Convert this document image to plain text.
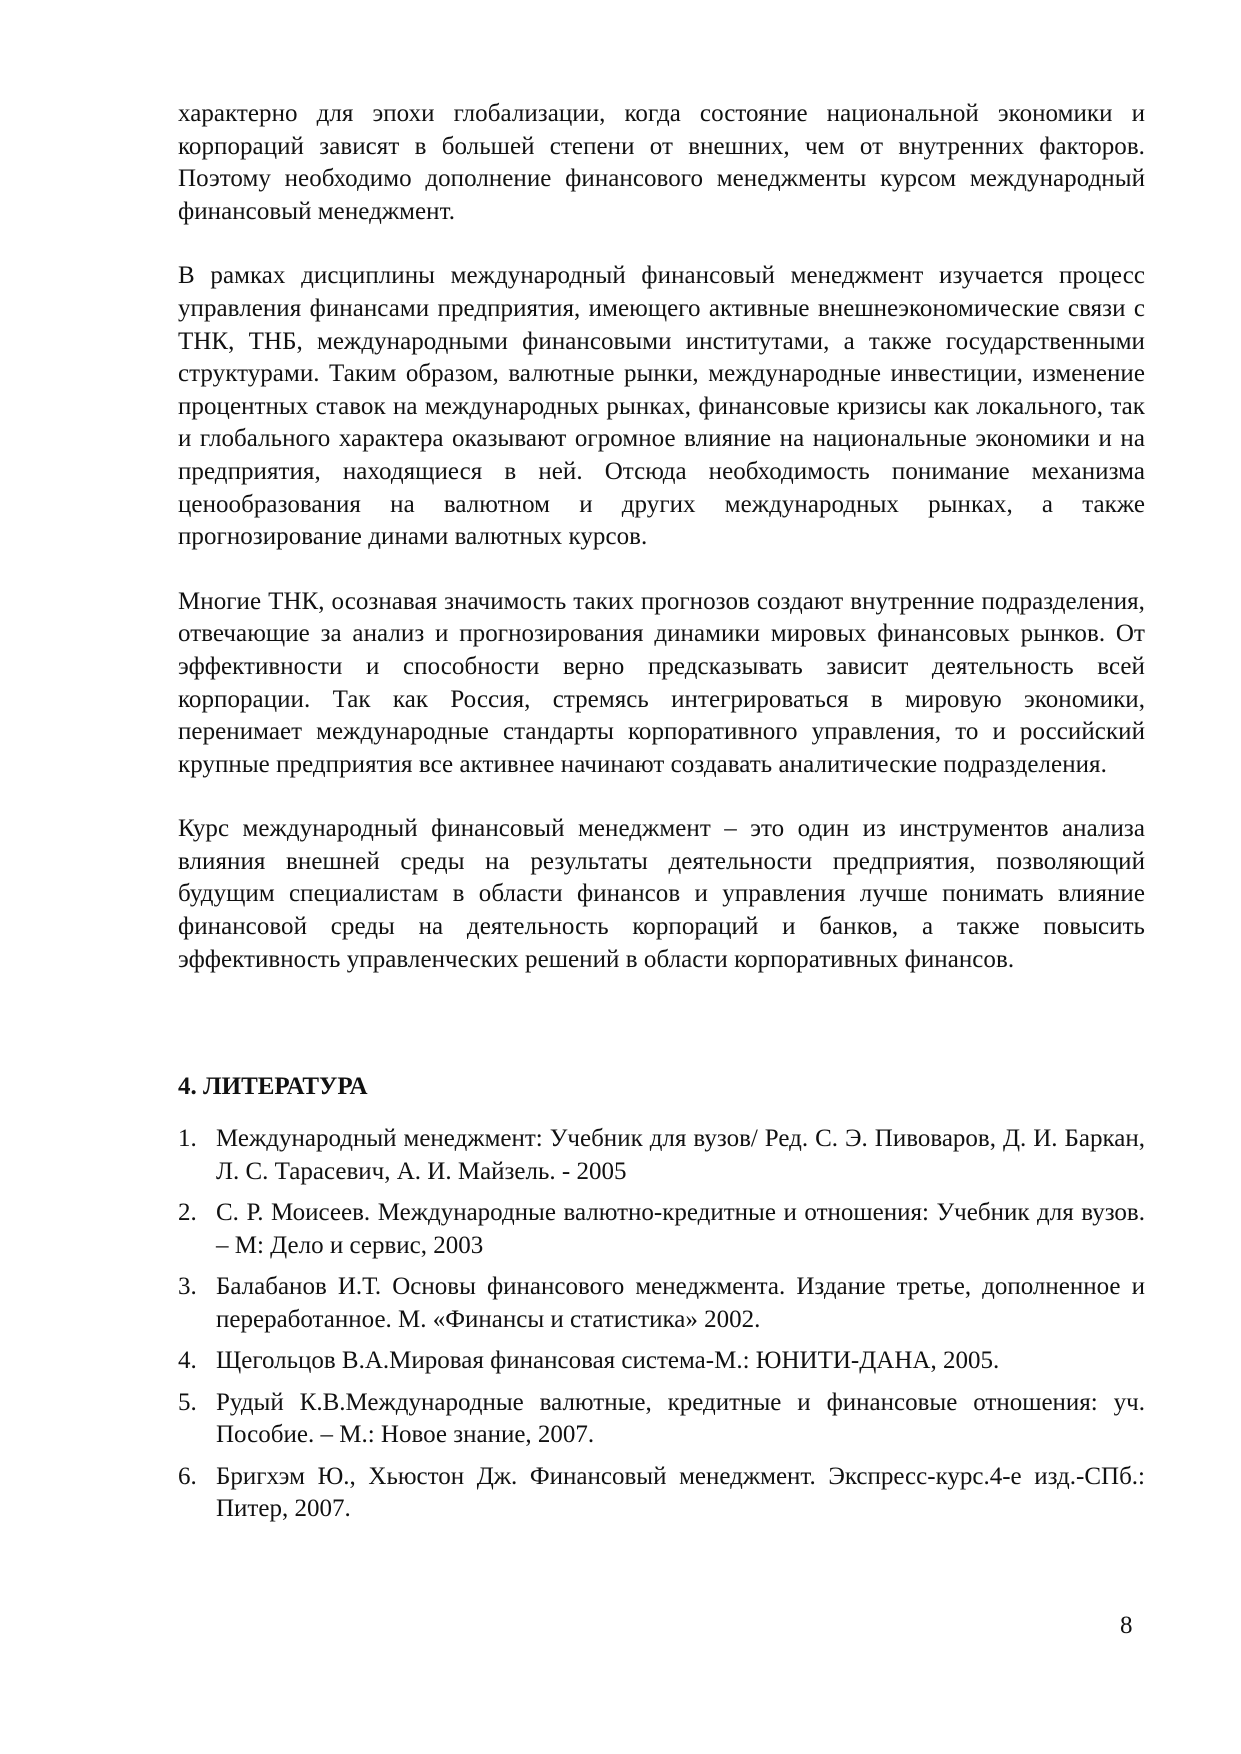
характерно для эпохи глобализации, когда состояние национальной экономики и корпораций зависят в большей степени от внешних, чем от внутренних факторов. Поэтому необходимо дополнение финансового менеджменты курсом международный финансовый менеджмент.

В рамках дисциплины международный финансовый менеджмент изучается процесс управления финансами предприятия, имеющего активные внешнеэкономические связи с ТНК, ТНБ, международными финансовыми институтами, а также государственными структурами. Таким образом, валютные рынки, международные инвестиции, изменение процентных ставок на международных рынках, финансовые кризисы как локального, так и глобального характера оказывают огромное влияние на национальные экономики и на предприятия, находящиеся в ней. Отсюда необходимость понимание механизма ценообразования на валютном и других международных рынках, а также прогнозирование динами валютных курсов.

Многие ТНК, осознавая значимость таких прогнозов создают внутренние подразделения, отвечающие за анализ и прогнозирования динамики мировых финансовых рынков. От эффективности и способности верно предсказывать зависит деятельность всей корпорации. Так как Россия, стремясь интегрироваться в мировую экономики, перенимает международные стандарты корпоративного управления, то и российский крупные предприятия все активнее начинают создавать аналитические подразделения.

Курс международный финансовый менеджмент – это один из инструментов анализа влияния внешней среды на результаты деятельности предприятия, позволяющий будущим специалистам в области финансов и управления лучше понимать влияние финансовой среды на деятельность корпораций и банков, а также повысить эффективность управленческих решений в области корпоративных финансов.

4. ЛИТЕРАТУРА
1. Международный менеджмент: Учебник для вузов/ Ред. С. Э. Пивоваров, Д. И. Баркан, Л. С. Тарасевич, А. И. Майзель. - 2005
2. С. Р. Моисеев. Международные валютно-кредитные и отношения: Учебник для вузов. – М: Дело и сервис, 2003
3. Балабанов И.Т. Основы финансового менеджмента. Издание третье, дополненное и переработанное. М. «Финансы и статистика» 2002.
4. Щегольцов В.А.Мировая финансовая система-М.: ЮНИТИ-ДАНА, 2005.
5. Рудый К.В.Международные валютные, кредитные и финансовые отношения: уч. Пособие. – М.: Новое знание, 2007.
6. Бригхэм Ю., Хьюстон Дж. Финансовый менеджмент. Экспресс-курс.4-е изд.-СПб.: Питер, 2007.
8
